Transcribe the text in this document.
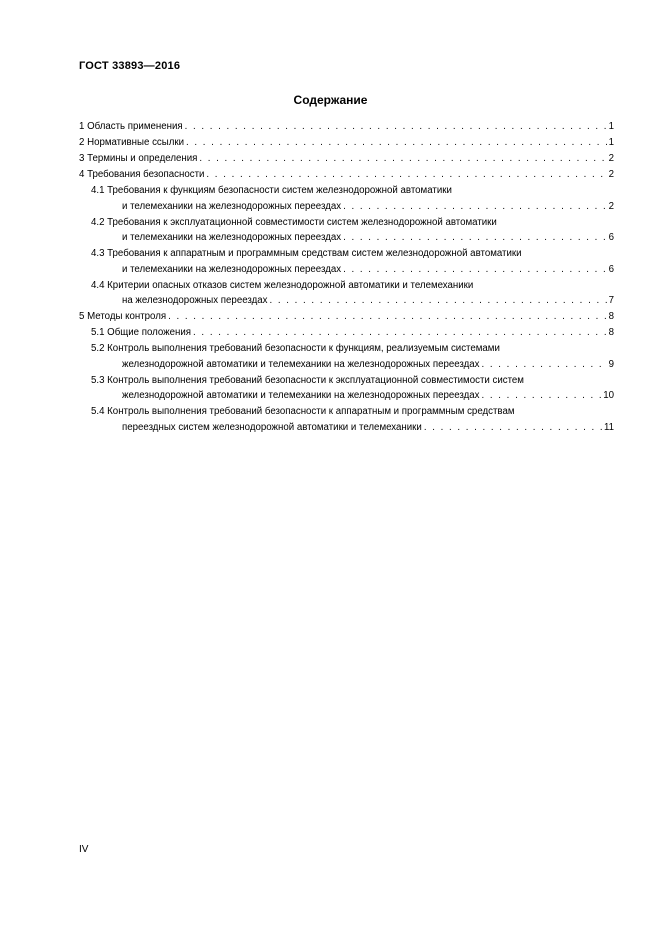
ГОСТ 33893—2016
Содержание
1 Область применения . . .	1
2 Нормативные ссылки . . .	1
3 Термины и определения . . .	2
4 Требования безопасности . . .	2
4.1 Требования к функциям безопасности систем железнодорожной автоматики
и телемеханики на железнодорожных переездах . . .	2
4.2 Требования к эксплуатационной совместимости систем железнодорожной автоматики
и телемеханики на железнодорожных переездах . . .	6
4.3 Требования к аппаратным и программным средствам систем железнодорожной автоматики
и телемеханики на железнодорожных переездах . . .	6
4.4 Критерии опасных отказов систем железнодорожной автоматики и телемеханики
на железнодорожных переездах . . .	7
5 Методы контроля . . .	8
5.1 Общие положения . . .	8
5.2 Контроль выполнения требований безопасности к функциям, реализуемым системами
железнодорожной автоматики и телемеханики на железнодорожных переездах . . .	9
5.3 Контроль выполнения требований безопасности к эксплуатационной совместимости систем
железнодорожной автоматики и телемеханики на железнодорожных переездах . . .	10
5.4 Контроль выполнения требований безопасности к аппаратным и программным средствам
переездных систем железнодорожной автоматики и телемеханики . . .	11
IV
